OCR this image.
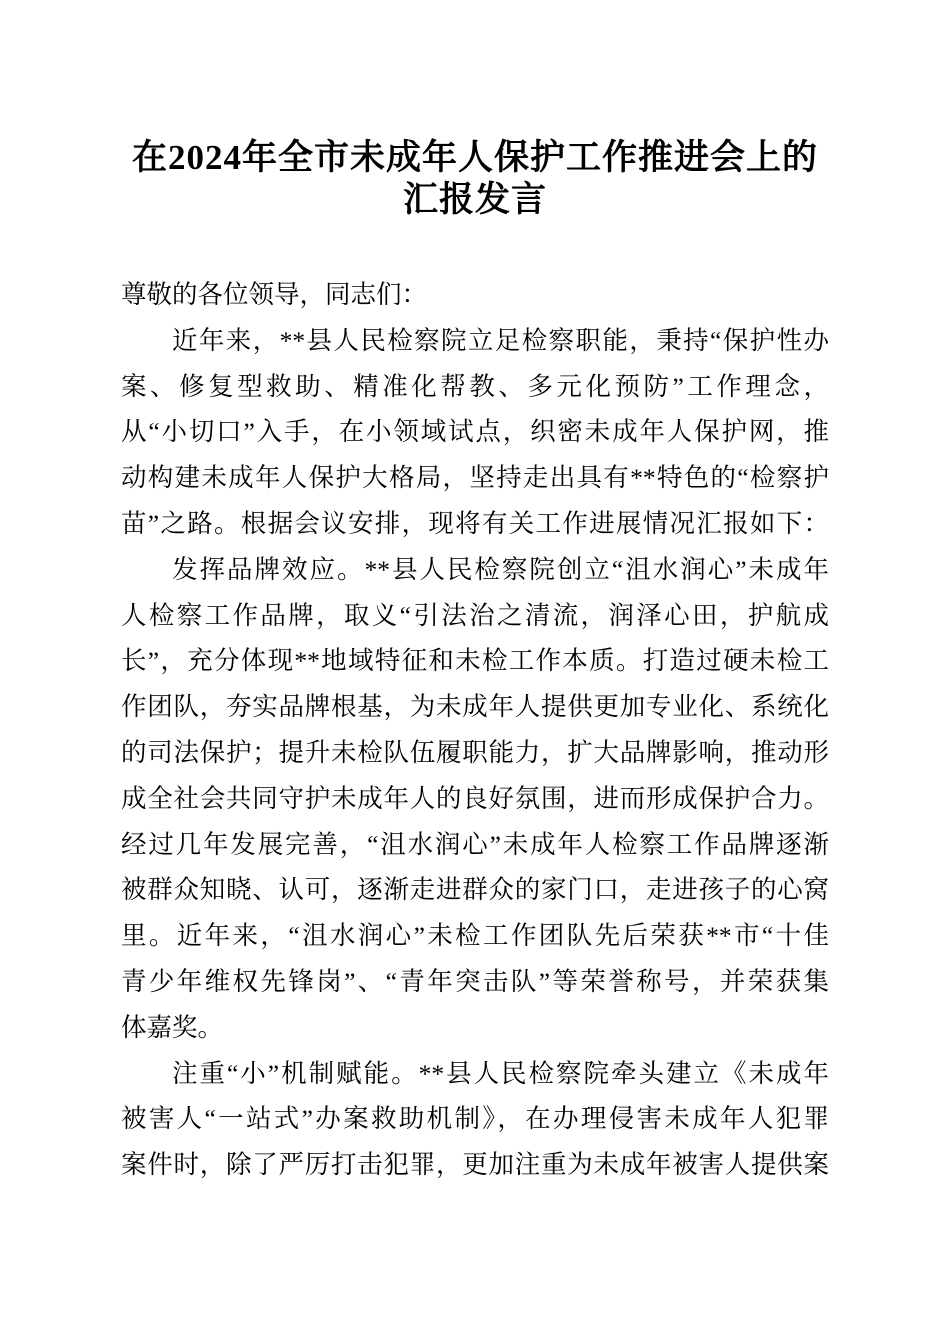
在2024年全市未成年人保护工作推进会上的
汇报发言
尊敬的各位领导，同志们：
近年来，**县人民检察院立足检察职能，秉持“保护性办
案、修复型救助、精准化帮教、多元化预防”工作理念，
从“小切口”入手，在小领域试点，织密未成年人保护网，推
动构建未成年人保护大格局，坚持走出具有**特色的“检察护
苗”之路。根据会议安排，现将有关工作进展情况汇报如下：
发挥品牌效应。**县人民检察院创立“沮水润心”未成年
人检察工作品牌，取义“引法治之清流，润泽心田，护航成
长”，充分体现**地域特征和未检工作本质。打造过硬未检工
作团队，夯实品牌根基，为未成年人提供更加专业化、系统化
的司法保护；提升未检队伍履职能力，扩大品牌影响，推动形
成全社会共同守护未成年人的良好氛围，进而形成保护合力。
经过几年发展完善，“沮水润心”未成年人检察工作品牌逐渐
被群众知晓、认可，逐渐走进群众的家门口，走进孩子的心窝
里。近年来，“沮水润心”未检工作团队先后荣获**市“十佳
青少年维权先锋岗”、“青年突击队”等荣誉称号，并荣获集
体嘉奖。
注重“小”机制赋能。**县人民检察院牵头建立《未成年
被害人“一站式”办案救助机制》，在办理侵害未成年人犯罪
案件时，除了严厉打击犯罪，更加注重为未成年被害人提供案
